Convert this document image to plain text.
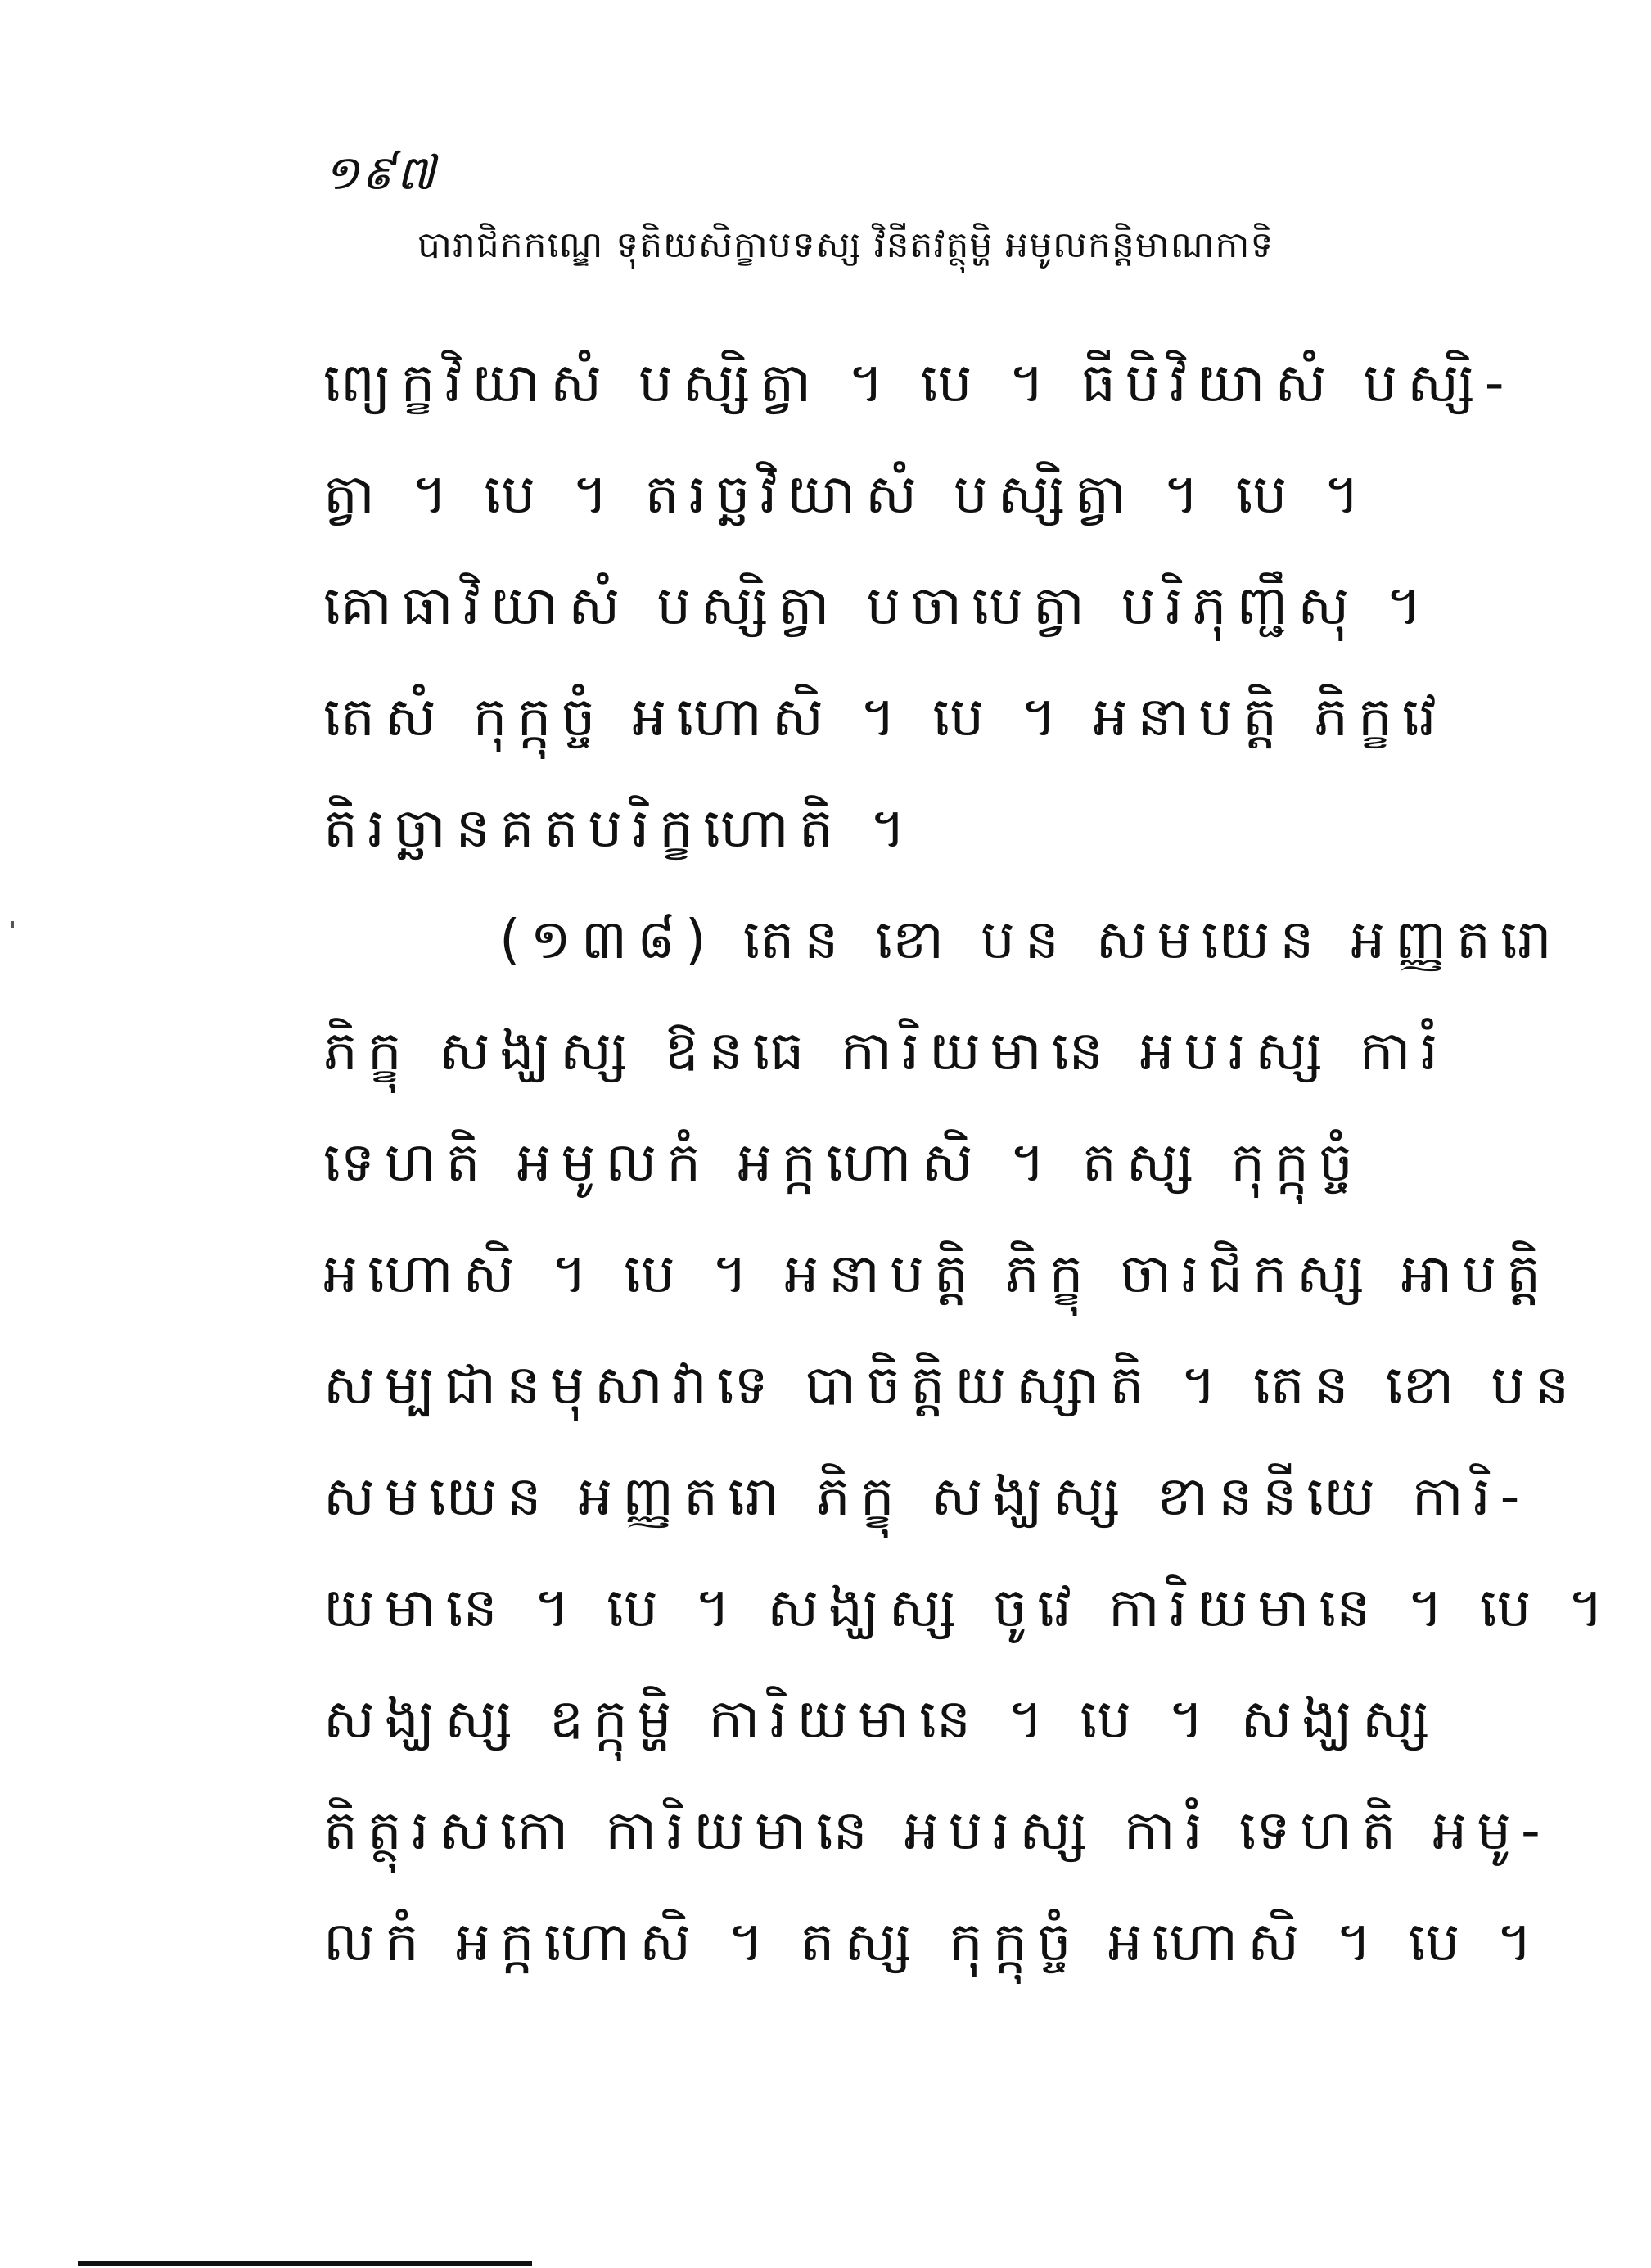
១៩៧
បារាជិកកណ្ឌេ ទុតិយសិក្ខាបទស្ស វិនីតវត្ថុម្ហិ អមូលកន្តិមាណកាទិ
ព្យេក្ខវិយាសំ បស្សិត្វា ។ បេ ។ ធីបិវិយាសំ បស្សិ-
ត្វា ។ បេ ។ តរច្ឆវិយាសំ បស្សិត្វា ។ បេ ។
គោធាវិយាសំ បស្សិត្វា បចាបេត្វា បរិភុញ្ជឹសុ ។
តេសំ កុក្កុច្ចំ អហោសិ ។ បេ ។ អនាបត្តិ ភិក្ខវេ
តិរច្ឆានគតបរិក្ខហោតិ ។
(១៣៨) តេន ខោ បន សមយេន អញ្ញតរោ
ភិក្ខុ សង្ឃស្ស ឱនធេ ការិយមានេ អបរស្ស ការំ
ទេហតិ អមូលកំ អក្កហោសិ ។ តស្ស កុក្កុច្ចំ
អហោសិ ។ បេ ។ អនាបត្តិ ភិក្ខុ ចារជិកស្ស អាបត្តិ
សម្បជានមុសាវាទេ បាចិត្តិយស្សាតិ ។ តេន ខោ បន
សមយេន អញ្ញតរោ ភិក្ខុ សង្ឃស្ស ខាននីយេ ការិ-
យមានេ ។ បេ ។ សង្ឃស្ស ចូវេ ការិយមានេ ។ បេ ។
សង្ឃស្ស ឧក្កុម្ហិ ការិយមានេ ។ បេ ។ សង្ឃស្ស
តិត្ថុរសកោ ការិយមានេ អបរស្ស ការំ ទេហតិ អមូ-
លកំ អក្កហោសិ ។ តស្ស កុក្កុច្ចំ អហោសិ ។ បេ ។
